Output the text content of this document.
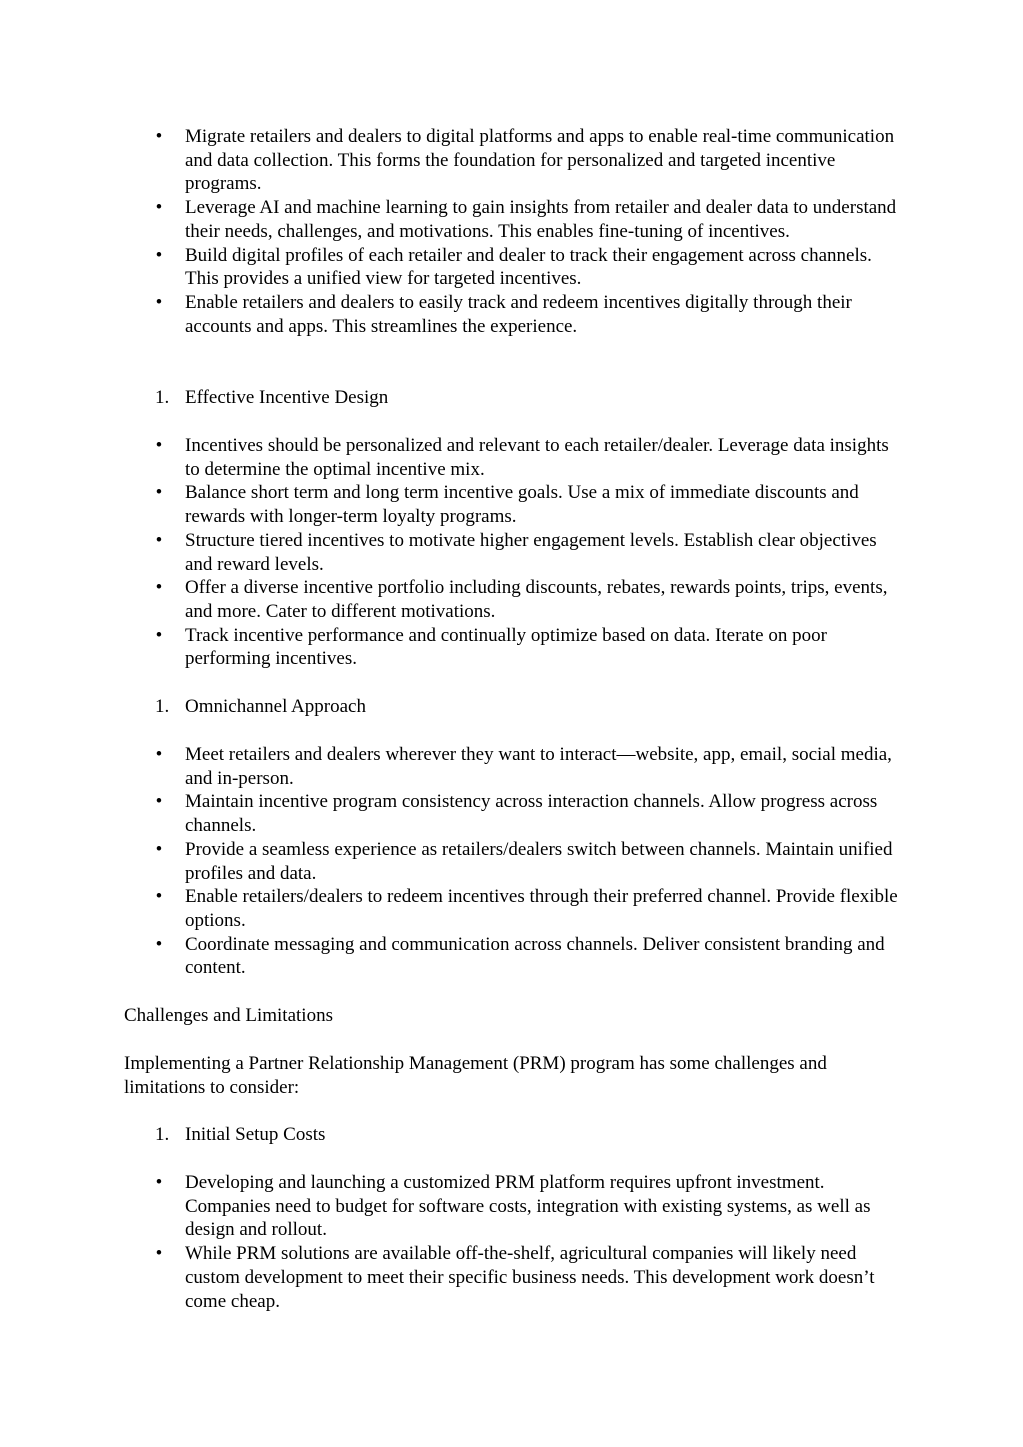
• Migrate retailers and dealers to digital platforms and apps to enable real-time communication and data collection. This forms the foundation for personalized and targeted incentive programs.
• Leverage AI and machine learning to gain insights from retailer and dealer data to understand their needs, challenges, and motivations. This enables fine-tuning of incentives.
• Build digital profiles of each retailer and dealer to track their engagement across channels. This provides a unified view for targeted incentives.
• Enable retailers and dealers to easily track and redeem incentives digitally through their accounts and apps. This streamlines the experience.
1. Effective Incentive Design
• Incentives should be personalized and relevant to each retailer/dealer. Leverage data insights to determine the optimal incentive mix.
• Balance short term and long term incentive goals. Use a mix of immediate discounts and rewards with longer-term loyalty programs.
• Structure tiered incentives to motivate higher engagement levels. Establish clear objectives and reward levels.
• Offer a diverse incentive portfolio including discounts, rebates, rewards points, trips, events, and more. Cater to different motivations.
• Track incentive performance and continually optimize based on data. Iterate on poor performing incentives.
1. Omnichannel Approach
• Meet retailers and dealers wherever they want to interact—website, app, email, social media, and in-person.
• Maintain incentive program consistency across interaction channels. Allow progress across channels.
• Provide a seamless experience as retailers/dealers switch between channels. Maintain unified profiles and data.
• Enable retailers/dealers to redeem incentives through their preferred channel. Provide flexible options.
• Coordinate messaging and communication across channels. Deliver consistent branding and content.

Challenges and Limitations

Implementing a Partner Relationship Management (PRM) program has some challenges and limitations to consider:

1. Initial Setup Costs
• Developing and launching a customized PRM platform requires upfront investment. Companies need to budget for software costs, integration with existing systems, as well as design and rollout.
• While PRM solutions are available off-the-shelf, agricultural companies will likely need custom development to meet their specific business needs. This development work doesn’t come cheap.
